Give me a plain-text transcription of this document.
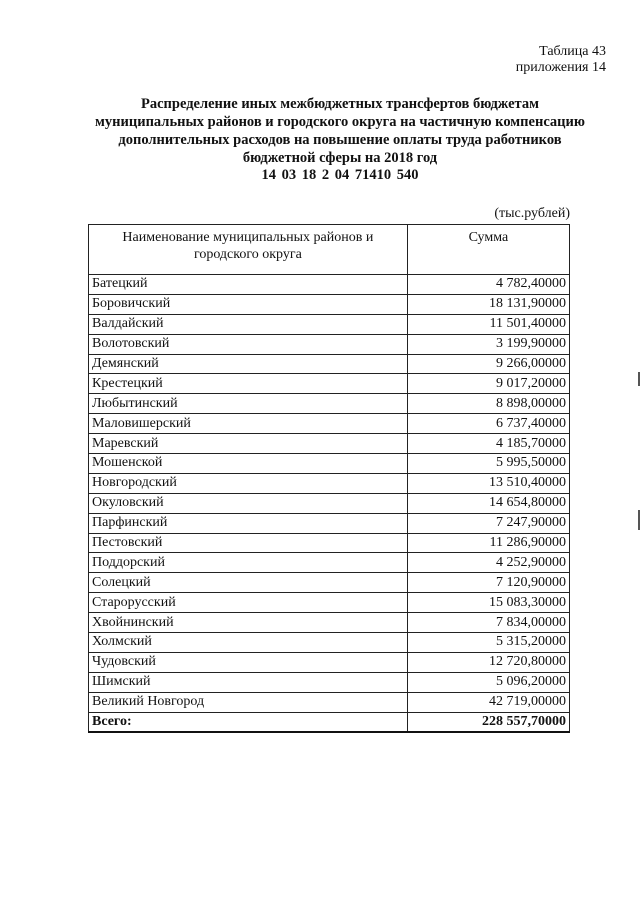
Таблица 43
приложения 14
Распределение иных межбюджетных трансфертов бюджетам
муниципальных районов и городского округа на частичную компенсацию
дополнительных расходов на повышение оплаты труда работников
бюджетной сферы на 2018 год
14 03 18 2 04 71410 540
(тыс.рублей)
Наименование муниципальных районов и городского округа	Сумма
Батецкий	4 782,40000
Боровичский	18 131,90000
Валдайский	11 501,40000
Волотовский	3 199,90000
Демянский	9 266,00000
Крестецкий	9 017,20000
Любытинский	8 898,00000
Маловишерский	6 737,40000
Маревский	4 185,70000
Мошенской	5 995,50000
Новгородский	13 510,40000
Окуловский	14 654,80000
Парфинский	7 247,90000
Пестовский	11 286,90000
Поддорский	4 252,90000
Солецкий	7 120,90000
Старорусский	15 083,30000
Хвойнинский	7 834,00000
Холмский	5 315,20000
Чудовский	12 720,80000
Шимский	5 096,20000
Великий Новгород	42 719,00000
Всего:	228 557,70000
